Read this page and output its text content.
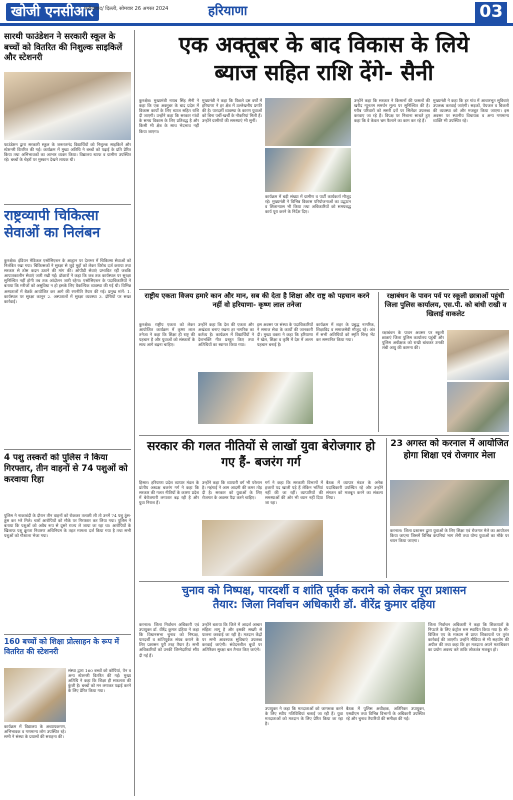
खोजी एनसीआर
फरीदाबाद/ दिल्ली, सोमवार 26 अगस्त 2024	हरियाणा	03
सारथी फाउंडेशन ने सरकारी स्कूल के बच्चों को वितरित की निशुल्क साइकिलें और स्टेशनरी
फाउंडेशन द्वारा सरकारी स्कूल के जरूरतमंद विद्यार्थियों को निशुल्क साइकिलें और स्टेशनरी वितरित की गई। कार्यक्रम में मुख्य अतिथि ने बच्चों को पढ़ाई के प्रति प्रेरित किया तथा अभिभावकों का आभार व्यक्त किया। विद्यालय स्टाफ व ग्रामीण उपस्थित रहे। बच्चों के चेहरों पर मुस्कान देखने लायक थी।
राष्ट्रव्यापी चिकित्सा सेवाओं का निलंबन
कुरुक्षेत्र। इंडियन मेडिकल एसोसिएशन के आह्वान पर देशभर में चिकित्सा सेवाओं को निलंबित रखा गया। चिकित्सकों ने सुरक्षा से जुड़े मुद्दों को लेकर विरोध दर्ज कराया तथा सरकार से ठोस कदम उठाने की मांग की। ओपीडी सेवाएं प्रभावित रहीं जबकि आपातकालीन सेवाएं जारी रखी गईं। डॉक्टरों ने कहा कि जब तक कार्यस्थल पर सुरक्षा सुनिश्चित नहीं होगी तब तक आंदोलन जारी रहेगा। एसोसिएशन के पदाधिकारियों ने बताया कि मरीजों को असुविधा न हो इसके लिए वैकल्पिक व्यवस्था की गई थी। विभिन्न अस्पतालों में बैठकें आयोजित कर आगे की रणनीति तैयार की गई। प्रमुख मांगें: 1. कार्यस्थल पर सुरक्षा कानून 2. अस्पतालों में सुरक्षा व्यवस्था 3. दोषियों पर सख्त कार्रवाई।
4 पशु तस्करों को पुलिस ने किया गिरफ्तार, तीन वाहनों से 74 पशुओं को करवाया रिहा
पुलिस ने नाकाबंदी के दौरान तीन वाहनों को रोककर तलाशी ली तो उनमें 74 पशु ठूंस-ठूंस कर भरे मिले। चारों आरोपियों को मौके पर गिरफ्तार कर लिया गया। पुलिस ने बताया कि पशुओं को अवैध रूप से दूसरे राज्य ले जाया जा रहा था। आरोपियों के खिलाफ पशु क्रूरता निवारण अधिनियम के तहत मामला दर्ज किया गया है तथा सभी पशुओं को गौशाला भेजा गया।
160 बच्चों को शिक्षा प्रोत्साहन के रूप में वितरित की स्टेशनरी
संस्था द्वारा 160 बच्चों को कॉपियां, पेन व अन्य स्टेशनरी वितरित की गई। मुख्य अतिथि ने कहा कि शिक्षा ही सफलता की कुंजी है। बच्चों को मन लगाकर पढ़ाई करने के लिए प्रेरित किया गया।
कार्यक्रम में विद्यालय के अध्यापकगण, अभिभावक व गणमान्य लोग उपस्थित रहे। सभी ने संस्था के प्रयासों की सराहना की।
एक अक्तूबर के बाद विकास के लिये
ब्याज सहित राशि देंगे- सैनी
कुरुक्षेत्र। मुख्यमंत्री नायब सिंह सैनी ने कहा कि एक अक्तूबर के बाद प्रदेश में विकास कार्यों के लिए ब्याज सहित राशि दी जाएगी। उन्होंने कहा कि सरकार गांवों के समग्र विकास के लिए प्रतिबद्ध है और किसी भी क्षेत्र के साथ भेदभाव नहीं किया जाएगा।
मुख्यमंत्री ने कहा कि पिछले दस वर्षों में हरियाणा ने हर क्षेत्र में उल्लेखनीय प्रगति की है। पारदर्शी व्यवस्था के कारण युवाओं को बिना पर्ची-खर्ची के नौकरियां मिली हैं। उन्होंने ग्रामीणों की समस्याएं भी सुनीं।
कार्यक्रम में बड़ी संख्या में ग्रामीण व पार्टी कार्यकर्ता मौजूद रहे। मुख्यमंत्री ने विभिन्न विकास परियोजनाओं का उद्घाटन व शिलान्यास भी किया तथा अधिकारियों को समयबद्ध कार्य पूरा करने के निर्देश दिए।
उन्होंने कहा कि सरकार ने किसानों की फसलों की खरीद न्यूनतम समर्थन मूल्य पर सुनिश्चित की है। गरीब परिवारों को सस्ती दरों पर सिलेंडर उपलब्ध करवाए जा रहे हैं। विपक्ष पर निशाना साधते हुए कहा कि वे केवल भ्रम फैलाने का काम कर रहे हैं।
मुख्यमंत्री ने कहा कि हर गांव में आधारभूत सुविधाएं उपलब्ध करवाई जाएंगी। सड़कों, पेयजल व बिजली की व्यवस्था को और मजबूत किया जाएगा। इस अवसर पर स्थानीय विधायक व अन्य गणमान्य व्यक्ति भी उपस्थित रहे।
राष्ट्रीय एकता विजय हमारे कान और मान, सब की देता है शिक्षा और राष्ट्र को पहचान करने नहीं वो हरियाणा- कृष्ण लाल तनेजा
कुरुक्षेत्र। राष्ट्रीय एकता को लेकर आयोजित कार्यक्रम में कृष्ण लाल तनेजा ने कहा कि शिक्षा ही राष्ट्र की पहचान है और युवाओं को संस्कारों के साथ आगे बढ़ना चाहिए।
उन्होंने कहा कि देश की एकता और अखंडता बनाए रखना हर नागरिक का कर्तव्य है। कार्यक्रम में विद्यार्थियों ने देशभक्ति गीत प्रस्तुत किए तथा अतिथियों का स्वागत किया गया।
इस अवसर पर संस्था के पदाधिकारियों ने समाज सेवा के कार्यों की जानकारी दी। मुख्य वक्ता ने कहा कि हरियाणा ने खेल, शिक्षा व कृषि में देश में अलग पहचान बनाई है।
कार्यक्रम में शहर के प्रबुद्ध नागरिक, शिक्षाविद व समाजसेवी मौजूद रहे। अंत में सभी अतिथियों को स्मृति चिन्ह भेंट कर सम्मानित किया गया।
रक्षाबंधन के पावन पर्व पर स्कूली छात्राओं पहुंची जिला पुलिस कार्यालय, एस.पी. को बांधी राखी व खिलाई वाकलेट
रक्षाबंधन के पावन अवसर पर स्कूली छात्राएं जिला पुलिस कार्यालय पहुंचीं और पुलिस अधीक्षक को राखी बांधकर उनकी लंबी आयु की कामना की।
सरकार की गलत नीतियों से लाखों युवा बेरोजगार हो गए हैं- बजरंग गर्ग
हिसार। हरियाणा प्रदेश व्यापार मंडल के प्रांतीय अध्यक्ष बजरंग गर्ग ने कहा कि सरकार की गलत नीतियों के कारण प्रदेश में बेरोजगारी लगातार बढ़ रही है और युवा निराश हैं।
उन्होंने कहा कि व्यापारी वर्ग भी परेशान है। महंगाई ने आम आदमी की कमर तोड़ दी है। सरकार को युवाओं के लिए रोजगार के अवसर पैदा करने चाहिए।
गर्ग ने कहा कि सरकारी विभागों में हजारों पद खाली पड़े हैं लेकिन भर्तियां नहीं की जा रहीं। व्यापारियों की समस्याओं की ओर भी ध्यान नहीं दिया जा रहा।
बैठक में व्यापार मंडल के अनेक पदाधिकारी उपस्थित रहे और उन्होंने संगठन को मजबूत करने का संकल्प लिया।
23 अगस्त को करनाल में आयोजित होगा शिक्षा एवं रोजगार मेला
करनाल। जिला प्रशासन द्वारा युवाओं के लिए शिक्षा एवं रोजगार मेले का आयोजन किया जाएगा जिसमें विभिन्न कंपनियां भाग लेंगी तथा योग्य युवाओं का मौके पर चयन किया जाएगा।
चुनाव को निष्पक्ष, पारदर्शी व शांति पूर्वक कराने को लेकर पूरा प्रशासन
तैयार: जिला निर्वाचन अधिकारी डॉ. वीरेंद्र कुमार दहिया
करनाल। जिला निर्वाचन अधिकारी एवं उपायुक्त डॉ. वीरेंद्र कुमार दहिया ने कहा कि विधानसभा चुनाव को निष्पक्ष, पारदर्शी व शांतिपूर्वक संपन्न कराने के लिए प्रशासन पूरी तरह तैयार है। सभी अधिकारियों को उनकी जिम्मेदारियां सौंप दी गई हैं।
उन्होंने बताया कि जिले में आदर्श आचार संहिता लागू है और इसकी सख्ती से पालना करवाई जा रही है। मतदान केंद्रों पर सभी आवश्यक सुविधाएं उपलब्ध करवाई जाएंगी। संवेदनशील बूथों पर अतिरिक्त सुरक्षा बल तैनात किए जाएंगे।
उपायुक्त ने कहा कि मतदाताओं को जागरूक करने के लिए स्वीप गतिविधियां चलाई जा रही हैं। युवा मतदाताओं को मतदान के लिए प्रेरित किया जा रहा है।
बैठक में पुलिस अधीक्षक, अतिरिक्त उपायुक्त, एसडीएम तथा विभिन्न विभागों के अधिकारी उपस्थित रहे और चुनाव तैयारियों की समीक्षा की गई।
जिला निर्वाचन अधिकारी ने कहा कि शिकायतों के निपटारे के लिए कंट्रोल रूम स्थापित किया गया है। सी-विजिल एप के माध्यम से प्राप्त शिकायतों पर तुरंत कार्रवाई की जाएगी। उन्होंने मीडिया से भी सहयोग की अपील की तथा कहा कि हर मतदाता अपने मताधिकार का प्रयोग अवश्य करे ताकि लोकतंत्र मजबूत हो।
